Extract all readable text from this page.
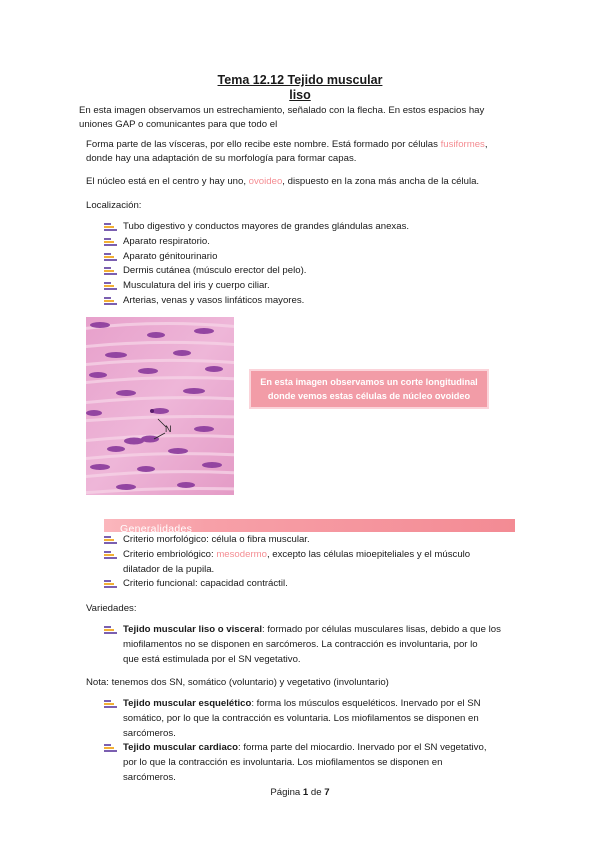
Tema 12.12 Tejido muscular
liso
En esta imagen observamos un estrechamiento, señalado con la flecha. En estos espacios hay
uniones GAP o comunicantes para que todo el
Forma parte de las vísceras, por ello recibe este nombre. Está formado por células fusiformes,
donde hay una adaptación de su morfología para formar capas.
El núcleo está en el centro y hay uno, ovoideo, dispuesto en la zona más ancha de la célula.
Localización:
Tubo digestivo y conductos mayores de grandes glándulas anexas.
Aparato respiratorio.
Aparato génitourinario
Dermis cutánea (músculo erector del pelo).
Musculatura del iris y cuerpo ciliar.
Arterias, venas y vasos linfáticos mayores.
N
En esta imagen observamos un corte longitudinal
donde vemos estas células de núcleo ovoideo
Generalidades
Criterio morfológico: célula o fibra muscular.
Criterio embriológico: mesodermo, excepto las células mioepiteliales y el músculo
dilatador de la pupila.
Criterio funcional: capacidad contráctil.
Variedades:
Tejido muscular liso o visceral: formado por células musculares lisas, debido a que los
miofilamentos no se disponen en sarcómeros. La contracción es involuntaria, por lo
que está estimulada por el SN vegetativo.
Nota: tenemos dos SN, somático (voluntario) y vegetativo (involuntario)
Tejido muscular esquelético: forma los músculos esqueléticos. Inervado por el SN
somático, por lo que la contracción es voluntaria. Los miofilamentos se disponen en
sarcómeros.
Tejido muscular cardiaco: forma parte del miocardio. Inervado por el SN vegetativo,
por lo que la contracción es involuntaria. Los miofilamentos se disponen en
sarcómeros.
Página 1 de 7
